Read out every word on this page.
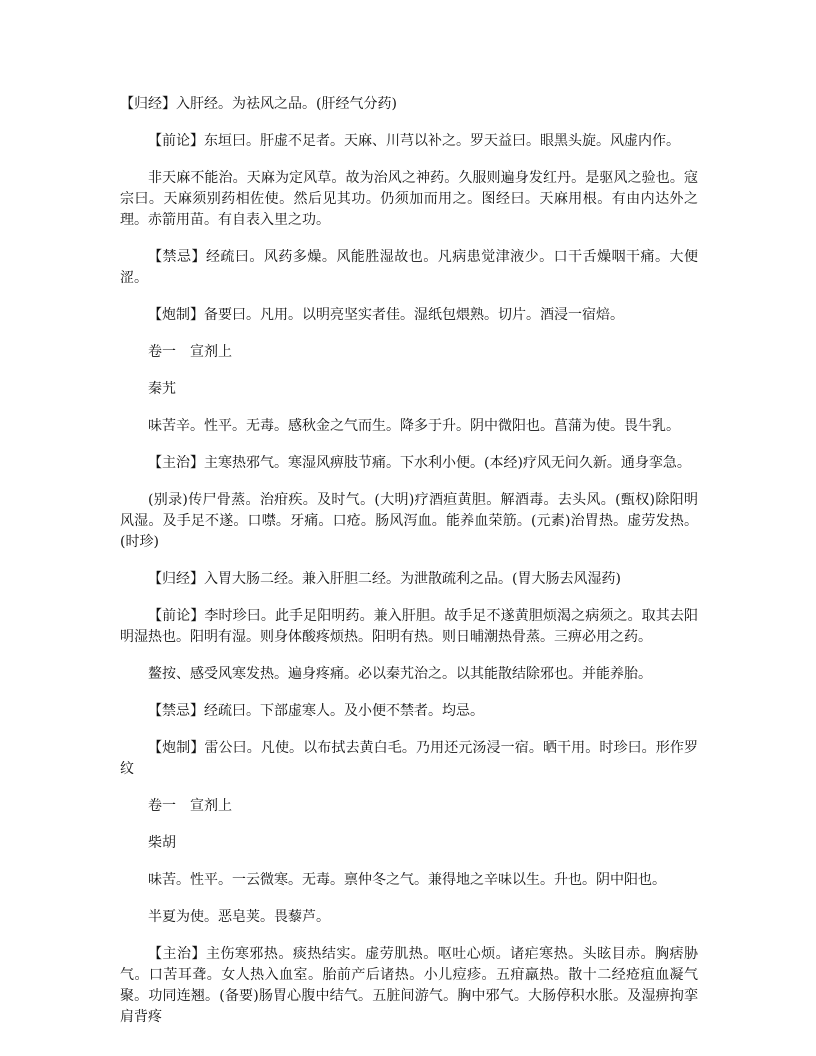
【归经】入肝经。为祛风之品。(肝经气分药)

【前论】东垣曰。肝虚不足者。天麻、川芎以补之。罗天益曰。眼黑头旋。风虚内作。

非天麻不能治。天麻为定风草。故为治风之神药。久服则遍身发红丹。是驱风之验也。寇宗曰。天麻须别药相佐使。然后见其功。仍须加而用之。图经曰。天麻用根。有由内达外之理。赤箭用苗。有自表入里之功。

【禁忌】经疏曰。风药多燥。风能胜湿故也。凡病患觉津液少。口干舌燥咽干痛。大便涩。

【炮制】备要曰。凡用。以明亮坚实者佳。湿纸包煨熟。切片。酒浸一宿焙。

卷一　宣剂上

秦艽

味苦辛。性平。无毒。感秋金之气而生。降多于升。阴中微阳也。菖蒲为使。畏牛乳。

【主治】主寒热邪气。寒湿风痹肢节痛。下水利小便。(本经)疗风无问久新。通身挛急。

(别录)传尸骨蒸。治疳疾。及时气。(大明)疗酒疸黄胆。解酒毒。去头风。(甄权)除阳明风湿。及手足不遂。口噤。牙痛。口疮。肠风泻血。能养血荣筋。(元素)治胃热。虚劳发热。(时珍)

【归经】入胃大肠二经。兼入肝胆二经。为泄散疏利之品。(胃大肠去风湿药)

【前论】李时珍曰。此手足阳明药。兼入肝胆。故手足不遂黄胆烦渴之病须之。取其去阳明湿热也。阳明有湿。则身体酸疼烦热。阳明有热。则日晡潮热骨蒸。三痹必用之药。

鳌按、感受风寒发热。遍身疼痛。必以秦艽治之。以其能散结除邪也。并能养胎。

【禁忌】经疏曰。下部虚寒人。及小便不禁者。均忌。

【炮制】雷公曰。凡使。以布拭去黄白毛。乃用还元汤浸一宿。晒干用。时珍曰。形作罗纹

卷一　宣剂上

柴胡

味苦。性平。一云微寒。无毒。禀仲冬之气。兼得地之辛味以生。升也。阴中阳也。

半夏为使。恶皂荚。畏藜芦。

【主治】主伤寒邪热。痰热结实。虚劳肌热。呕吐心烦。诸疟寒热。头眩目赤。胸痞胁气。口苦耳聋。女人热入血室。胎前产后诸热。小儿痘疹。五疳羸热。散十二经疮疽血凝气聚。功同连翘。(备要)肠胃心腹中结气。五脏间游气。胸中邪气。大肠停积水胀。及湿痹拘挛肩背疼
